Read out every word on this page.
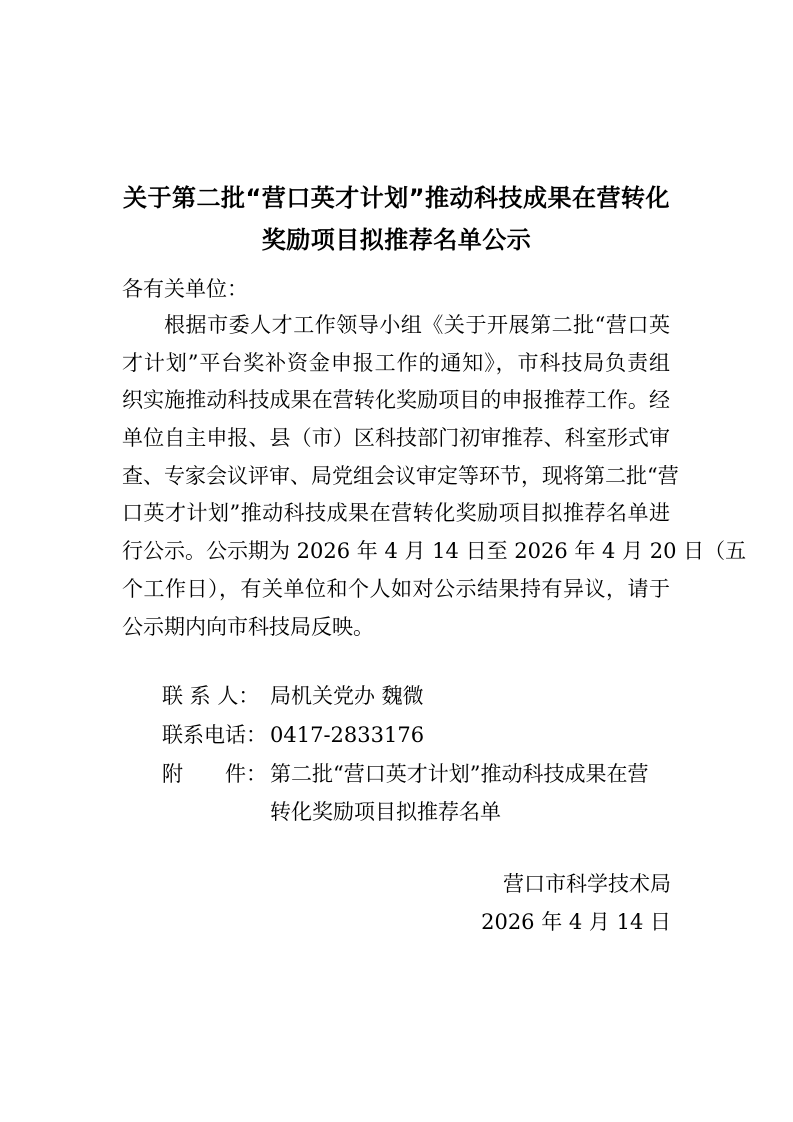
关于第二批“营口英才计划”推动科技成果在营转化
奖励项目拟推荐名单公示
各有关单位：
根据市委人才工作领导小组《关于开展第二批“营口英
才计划”平台奖补资金申报工作的通知》，市科技局负责组
织实施推动科技成果在营转化奖励项目的申报推荐工作。经
单位自主申报、县（市）区科技部门初审推荐、科室形式审
查、专家会议评审、局党组会议审定等环节，现将第二批“营
口英才计划”推动科技成果在营转化奖励项目拟推荐名单进
行公示。公示期为 2026 年 4 月 14 日至 2026 年 4 月 20 日（五
个工作日），有关单位和个人如对公示结果持有异议，请于
公示期内向市科技局反映。
联 系 人： 局机关党办 魏微
联系电话： 0417-2833176
附　　件： 第二批“营口英才计划”推动科技成果在营
转化奖励项目拟推荐名单
营口市科学技术局
2026 年 4 月 14 日
